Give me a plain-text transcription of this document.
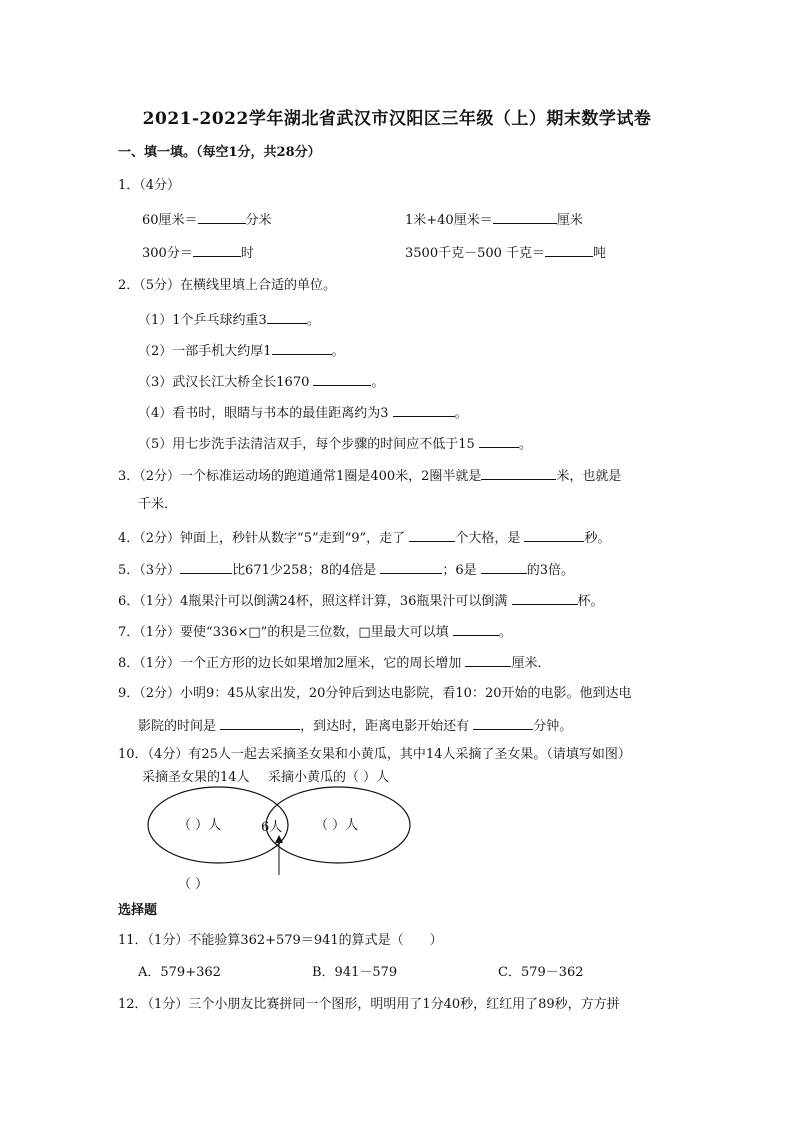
2021-2022学年湖北省武汉市汉阳区三年级（上）期末数学试卷
一、填一填。（每空1分，共28分）
1．（4分）
60厘米＝	分米	1米+40厘米＝	厘米
300分＝	时	3500千克－500 千克＝	吨
2．（5分）在横线里填上合适的单位。
（1）1个乒乓球约重3	。
（2）一部手机大约厚1	。
（3）武汉长江大桥全长1670	。
（4）看书时，眼睛与书本的最佳距离约为3	。
（5）用七步洗手法清洁双手，每个步骤的时间应不低于15	。
3．（2分）一个标准运动场的跑道通常1圈是400米，2圈半就是	米，也就是
千米．
4．（2分）钟面上，秒针从数字“5”走到“9”，走了	个大格，是	秒。
5．（3分）	比671少258；8的4倍是	；6是	的3倍。
6．（1分）4瓶果汁可以倒满24杯，照这样计算，36瓶果汁可以倒满	杯。
7．（1分）要使“336×□”的积是三位数，□里最大可以填	。
8．（1分）一个正方形的边长如果增加2厘米，它的周长增加	厘米．
9．（2分）小明9：45从家出发，20分钟后到达电影院，看10：20开始的电影。他到达电
影院的时间是	，到达时，距离电影开始还有	分钟。
10．（4分）有25人一起去采摘圣女果和小黄瓜，其中14人采摘了圣女果。（请填写如图）
采摘圣女果的14人 采摘小黄瓜的（ ）人
（ ）人	6人	（ ）人
（ ）
选择题
11．（1分）不能验算362+579＝941的算式是（　　）
A．579+362	B．941－579	C．579－362
12．（1分）三个小朋友比赛拼同一个图形，明明用了1分40秒，红红用了89秒，方方拼
